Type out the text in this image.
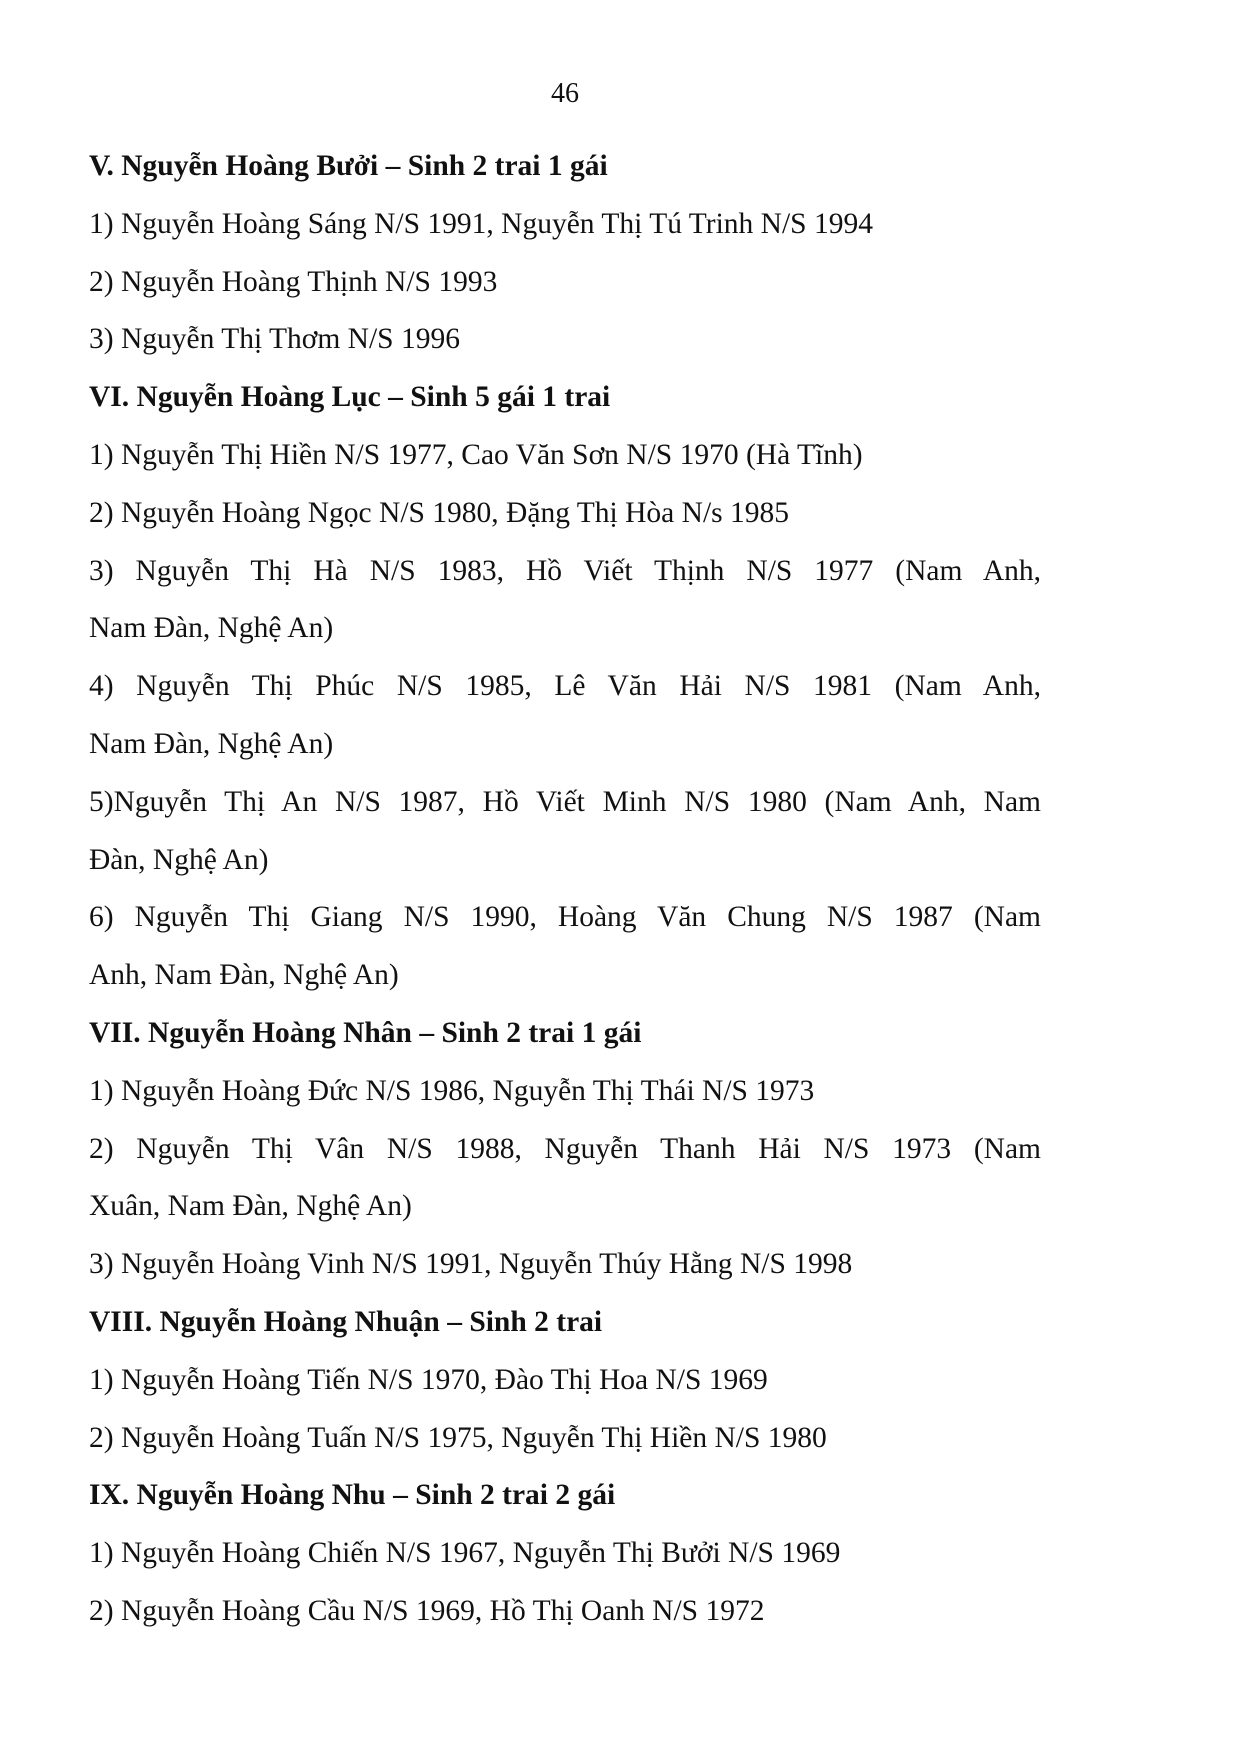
46
V. Nguyễn Hoàng Bưởi – Sinh 2 trai 1 gái
1) Nguyễn Hoàng Sáng N/S 1991, Nguyễn Thị Tú Trinh N/S 1994
2) Nguyễn Hoàng Thịnh N/S 1993
3) Nguyễn Thị Thơm N/S 1996
VI. Nguyễn Hoàng Lục – Sinh 5 gái 1 trai
1) Nguyễn Thị Hiền N/S 1977, Cao Văn Sơn N/S 1970 (Hà Tĩnh)
2) Nguyễn Hoàng Ngọc N/S 1980, Đặng Thị Hòa N/s 1985
3) Nguyễn Thị Hà N/S 1983, Hồ Viết Thịnh N/S 1977 (Nam Anh,
Nam Đàn, Nghệ An)
4) Nguyễn Thị Phúc N/S 1985, Lê Văn Hải N/S 1981 (Nam Anh,
Nam Đàn, Nghệ An)
5)Nguyễn Thị An N/S 1987, Hồ Viết Minh N/S 1980 (Nam Anh, Nam
Đàn, Nghệ An)
6) Nguyễn Thị Giang N/S 1990, Hoàng Văn Chung N/S 1987 (Nam
Anh, Nam Đàn, Nghệ An)
VII. Nguyễn Hoàng Nhân – Sinh 2 trai 1 gái
1) Nguyễn Hoàng Đức N/S 1986, Nguyễn Thị Thái N/S 1973
2) Nguyễn Thị Vân N/S 1988, Nguyễn Thanh Hải N/S 1973 (Nam
Xuân, Nam Đàn, Nghệ An)
3) Nguyễn Hoàng Vinh N/S 1991, Nguyễn Thúy Hằng N/S 1998
VIII. Nguyễn Hoàng Nhuận – Sinh 2 trai
1) Nguyễn Hoàng Tiến N/S 1970, Đào Thị Hoa N/S 1969
2) Nguyễn Hoàng Tuấn N/S 1975, Nguyễn Thị Hiền N/S 1980
IX. Nguyễn Hoàng Nhu – Sinh 2 trai 2 gái
1) Nguyễn Hoàng Chiến N/S 1967, Nguyễn Thị Bưởi N/S 1969
2) Nguyễn Hoàng Cầu N/S 1969, Hồ Thị Oanh N/S 1972
